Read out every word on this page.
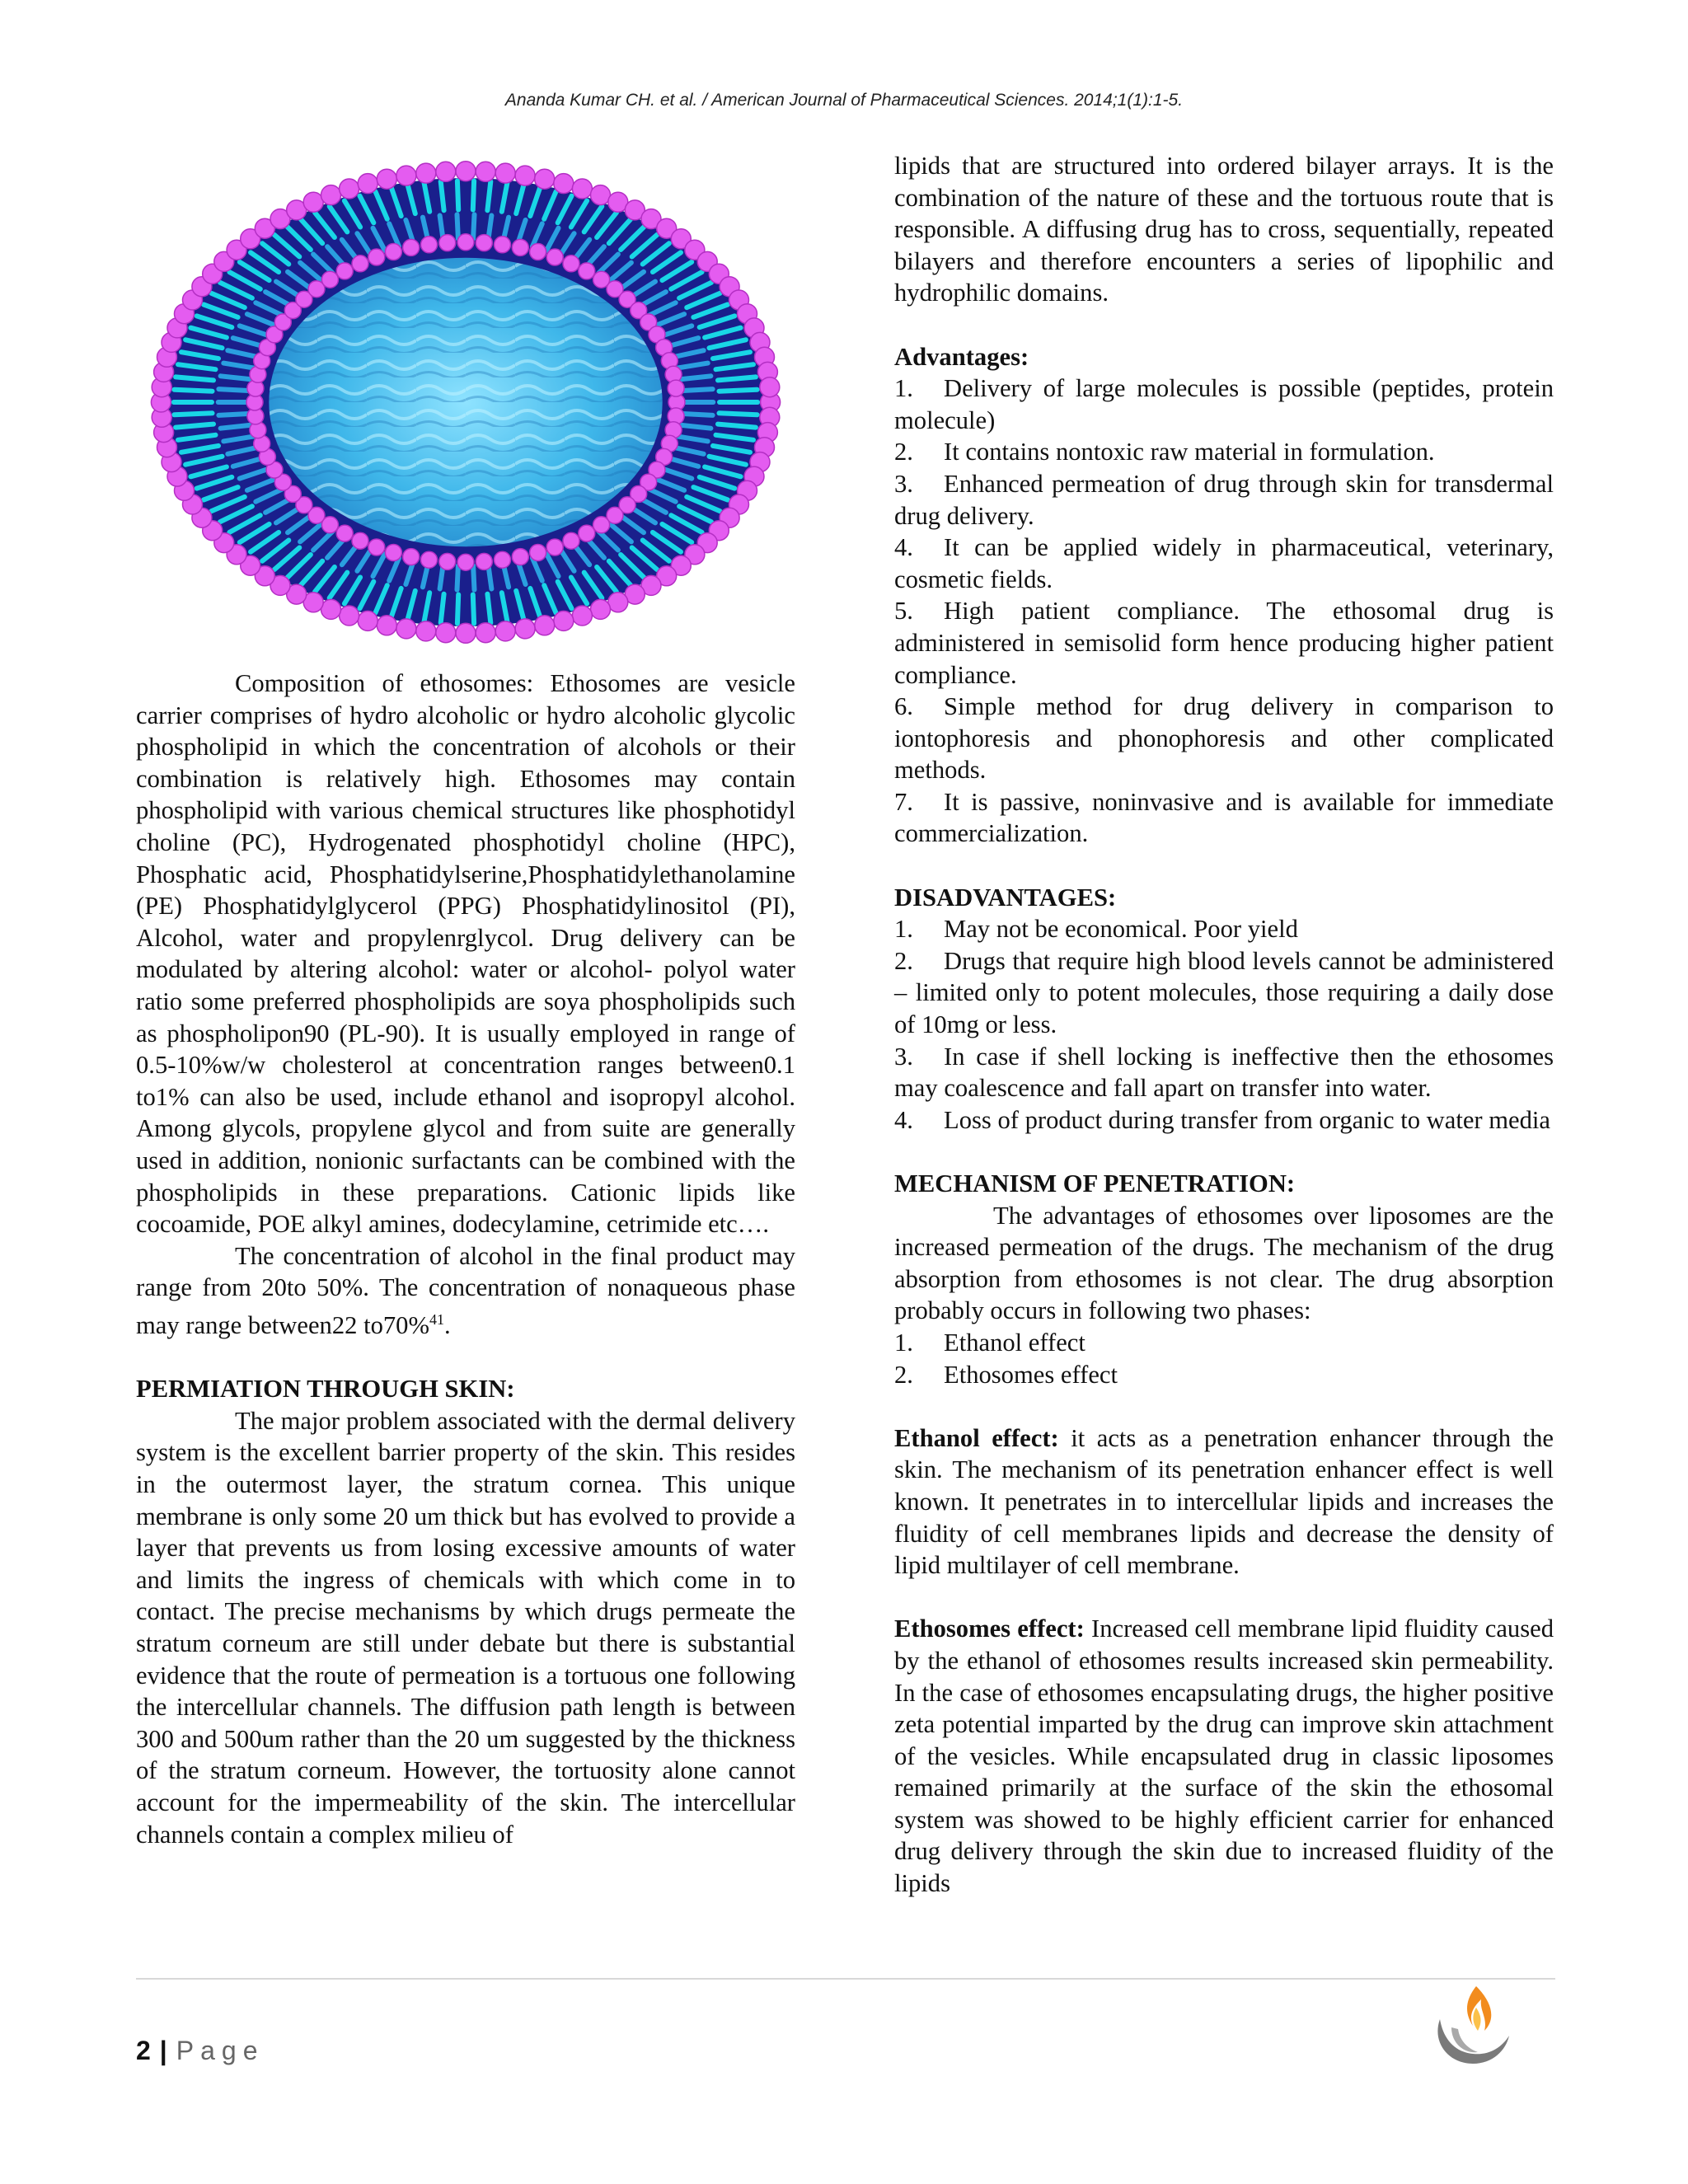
Ananda Kumar CH. et al. / American Journal of Pharmaceutical Sciences. 2014;1(1):1-5.

Composition of ethosomes: Ethosomes are vesicle carrier comprises of hydro alcoholic or hydro alcoholic glycolic phospholipid in which the concentration of alcohols or their combination is relatively high. Ethosomes may contain phospholipid with various chemical structures like phosphotidyl choline (PC), Hydrogenated phosphotidyl choline (HPC), Phosphatic acid, Phosphatidylserine,Phosphatidylethanolamine (PE) Phosphatidylglycerol (PPG) Phosphatidylinositol (PI), Alcohol, water and propylenrglycol. Drug delivery can be modulated by altering alcohol: water or alcohol- polyol water ratio some preferred phospholipids are soya phospholipids such as phospholipon90 (PL-90). It is usually employed in range of 0.5-10%w/w cholesterol at concentration ranges between0.1 to1% can also be used, include ethanol and isopropyl alcohol. Among glycols, propylene glycol and from suite are generally used in addition, nonionic surfactants can be combined with the phospholipids in these preparations. Cationic lipids like cocoamide, POE alkyl amines, dodecylamine, cetrimide etc….

The concentration of alcohol in the final product may range from 20to 50%. The concentration of nonaqueous phase may range between22 to70%$^{41}$.

PERMIATION THROUGH SKIN:

The major problem associated with the dermal delivery system is the excellent barrier property of the skin. This resides in the outermost layer, the stratum cornea. This unique membrane is only some 20 um thick but has evolved to provide a layer that prevents us from losing excessive amounts of water and limits the ingress of chemicals with which come in to contact. The precise mechanisms by which drugs permeate the stratum corneum are still under debate but there is substantial evidence that the route of permeation is a tortuous one following the intercellular channels. The diffusion path length is between 300 and 500um rather than the 20 um suggested by the thickness of the stratum corneum. However, the tortuosity alone cannot account for the impermeability of the skin. The intercellular channels contain a complex milieu of

lipids that are structured into ordered bilayer arrays. It is the combination of the nature of these and the tortuous route that is responsible. A diffusing drug has to cross, sequentially, repeated bilayers and therefore encounters a series of lipophilic and hydrophilic domains.

Advantages:

1. Delivery of large molecules is possible (peptides, protein molecule)

2. It contains nontoxic raw material in formulation.

3. Enhanced permeation of drug through skin for transdermal drug delivery.

4. It can be applied widely in pharmaceutical, veterinary, cosmetic fields.

5. High patient compliance. The ethosomal drug is administered in semisolid form hence producing higher patient compliance.

6. Simple method for drug delivery in comparison to iontophoresis and phonophoresis and other complicated methods.

7. It is passive, noninvasive and is available for immediate commercialization.

DISADVANTAGES:

1. May not be economical. Poor yield

2. Drugs that require high blood levels cannot be administered – limited only to potent molecules, those requiring a daily dose of 10mg or less.

3. In case if shell locking is ineffective then the ethosomes may coalescence and fall apart on transfer into water.

4. Loss of product during transfer from organic to water media

MECHANISM OF PENETRATION:

The advantages of ethosomes over liposomes are the increased permeation of the drugs. The mechanism of the drug absorption from ethosomes is not clear. The drug absorption probably occurs in following two phases:

1. Ethanol effect

2. Ethosomes effect

Ethanol effect: it acts as a penetration enhancer through the skin. The mechanism of its penetration enhancer effect is well known. It penetrates in to intercellular lipids and increases the fluidity of cell membranes lipids and decrease the density of lipid multilayer of cell membrane.

Ethosomes effect: Increased cell membrane lipid fluidity caused by the ethanol of ethosomes results increased skin permeability. In the case of ethosomes encapsulating drugs, the higher positive zeta potential imparted by the drug can improve skin attachment of the vesicles. While encapsulated drug in classic liposomes remained primarily at the surface of the skin the ethosomal system was showed to be highly efficient carrier for enhanced drug delivery through the skin due to increased fluidity of the lipids

2 | Page
